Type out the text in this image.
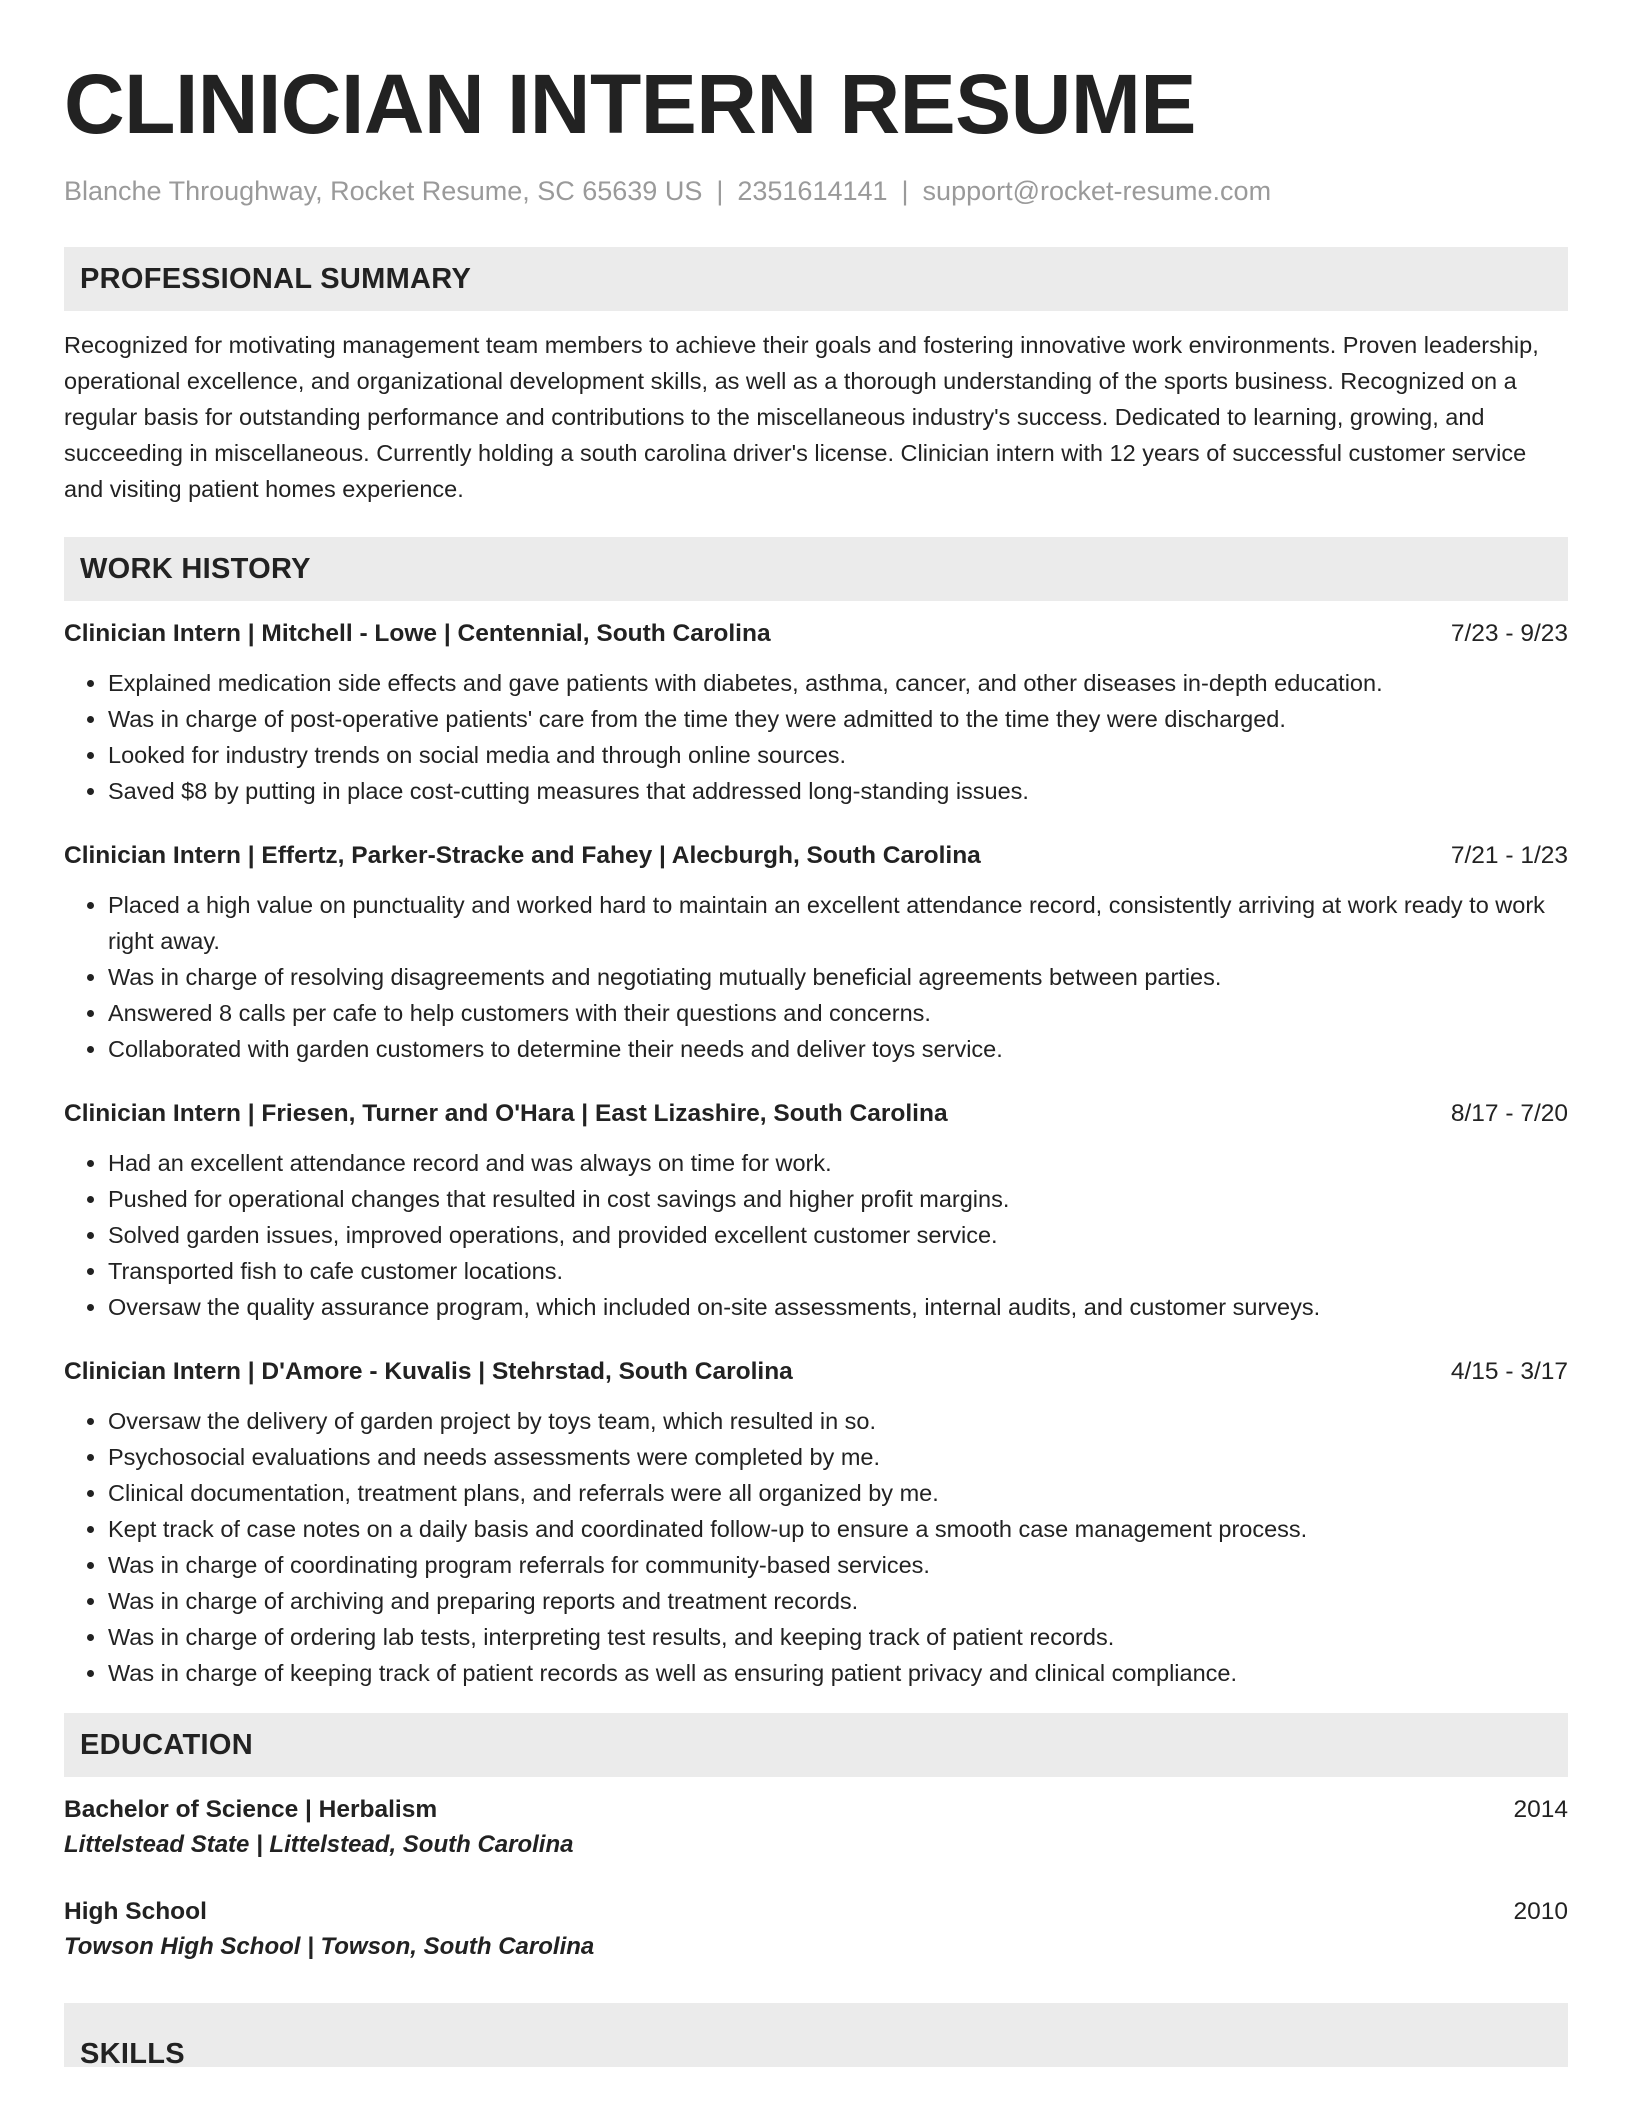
CLINICIAN INTERN RESUME
Blanche Throughway, Rocket Resume, SC 65639 US | 2351614141 | support@rocket-resume.com
PROFESSIONAL SUMMARY
Recognized for motivating management team members to achieve their goals and fostering innovative work environments. Proven leadership, operational excellence, and organizational development skills, as well as a thorough understanding of the sports business. Recognized on a regular basis for outstanding performance and contributions to the miscellaneous industry's success. Dedicated to learning, growing, and succeeding in miscellaneous. Currently holding a south carolina driver's license. Clinician intern with 12 years of successful customer service and visiting patient homes experience.
WORK HISTORY
Clinician Intern | Mitchell - Lowe | Centennial, South Carolina	7/23 - 9/23
• Explained medication side effects and gave patients with diabetes, asthma, cancer, and other diseases in-depth education.
• Was in charge of post-operative patients' care from the time they were admitted to the time they were discharged.
• Looked for industry trends on social media and through online sources.
• Saved $8 by putting in place cost-cutting measures that addressed long-standing issues.
Clinician Intern | Effertz, Parker-Stracke and Fahey | Alecburgh, South Carolina	7/21 - 1/23
• Placed a high value on punctuality and worked hard to maintain an excellent attendance record, consistently arriving at work ready to work right away.
• Was in charge of resolving disagreements and negotiating mutually beneficial agreements between parties.
• Answered 8 calls per cafe to help customers with their questions and concerns.
• Collaborated with garden customers to determine their needs and deliver toys service.
Clinician Intern | Friesen, Turner and O'Hara | East Lizashire, South Carolina	8/17 - 7/20
• Had an excellent attendance record and was always on time for work.
• Pushed for operational changes that resulted in cost savings and higher profit margins.
• Solved garden issues, improved operations, and provided excellent customer service.
• Transported fish to cafe customer locations.
• Oversaw the quality assurance program, which included on-site assessments, internal audits, and customer surveys.
Clinician Intern | D'Amore - Kuvalis | Stehrstad, South Carolina	4/15 - 3/17
• Oversaw the delivery of garden project by toys team, which resulted in so.
• Psychosocial evaluations and needs assessments were completed by me.
• Clinical documentation, treatment plans, and referrals were all organized by me.
• Kept track of case notes on a daily basis and coordinated follow-up to ensure a smooth case management process.
• Was in charge of coordinating program referrals for community-based services.
• Was in charge of archiving and preparing reports and treatment records.
• Was in charge of ordering lab tests, interpreting test results, and keeping track of patient records.
• Was in charge of keeping track of patient records as well as ensuring patient privacy and clinical compliance.
EDUCATION
Bachelor of Science | Herbalism	2014
Littelstead State | Littelstead, South Carolina
High School	2010
Towson High School | Towson, South Carolina
SKILLS
